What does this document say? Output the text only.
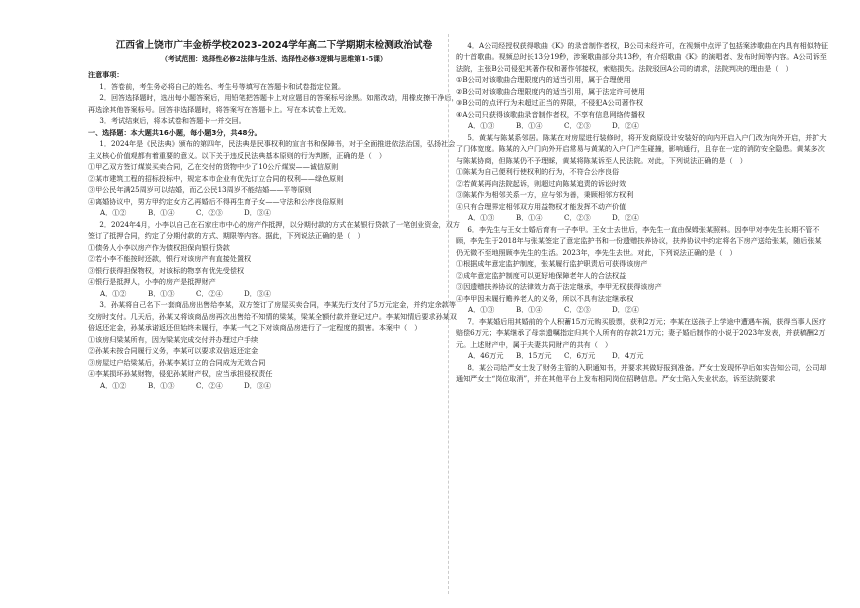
江西省上饶市广丰金桥学校2023-2024学年高二下学期期末检测政治试卷

（考试范围：选择性必修2法律与生活、选择性必修3逻辑与思维第1-5课）

注意事项：

1．答卷前，考生务必将自己的姓名、考生号等填写在答题卡和试卷指定位置。

2．回答选择题时，选出每小题答案后，用铅笔把答题卡上对应题目的答案标号涂黑。如需改动，用橡皮擦干净后，再选涂其他答案标号。回答非选择题时，将答案写在答题卡上。写在本试卷上无效。

3．考试结束后，将本试卷和答题卡一并交回。

一、选择题：本大题共16小题，每小题3分，共48分。

1．2024年是《民法典》颁布的第四年，民法典是民事权利的宣言书和保障书，对于全面推进依法治国，弘扬社会主义核心价值观都有着重要的意义。以下关于违反民法典基本原则的行为判断，正确的是（　）

①甲乙双方签订煤炭买卖合同，乙在交付的货物中少了10公斤煤炭——诚信原则

②某市建筑工程的招标投标中，规定本市企业有优先订立合同的权利——绿色原则

③甲公民年满25周岁可以结婚，而乙公民13周岁不能结婚——平等原则

④离婚协议中，男方甲约定女方乙再婚后不得再生育子女——守法和公序良俗原则

A．①②	B．①④	C．②③	D．③④

2．2024年4月，小李以自己在石家庄市中心的房产作抵押，以分期付款的方式在某银行贷款了一笔创业资金，双方签订了抵押合同，约定了分期付款的方式、期限等内容。据此，下列说法正确的是（　）

①债务人小李以房产作为债权担保向银行贷款

②若小李不能按时还款，银行对该房产有直接处置权

③银行获得担保物权，对该标的物享有优先受偿权

④银行是抵押人，小李的房产是抵押财产

A．①②	B．①③	C．②④	D．③④

3．孙某将自己名下一套商品房出售给李某，双方签订了房屋买卖合同，李某先行支付了5万元定金，并约定余款等交房时支付。几天后，孙某又将该商品房再次出售给不知情的梁某，梁某全额付款并登记过户。李某知情后要求孙某双倍返还定金，孙某承诺返还但始终未履行，李某一气之下对该商品房进行了一定程度的损害。本案中（　）

①该房归梁某所有，因为梁某完成交付并办理过户手续

②孙某未按合同履行义务，李某可以要求双倍返还定金

③房屋过户给梁某后，孙某李某订立的合同成为无效合同

④李某损坏孙某财物，侵犯孙某财产权，应当承担侵权责任

A．①②	B．①③	C．②④	D．③④

4．A公司经授权获得歌曲《K》的录音制作者权，B公司未经许可，在视频中点评了包括案涉歌曲在内具有相似特征的十首歌曲。视频总时长13分19秒，涉案歌曲部分共13秒，有介绍歌曲《K》的演唱者、发布时间等内容。A公司诉至法院，主张B公司侵犯其著作权和著作邻接权，索赔损失。法院驳回A公司的请求，法院判决的理由是（　）

①B公司对该歌曲合理限度内的适当引用，属于合理使用

②B公司对该歌曲合理限度内的适当引用，属于法定许可使用

③B公司的点评行为未超过正当的界限，不侵犯A公司著作权

④A公司只获得该歌曲录音制作者权，不享有信息网络传播权

A．①③	B．①④	C．②③	D．②④

5．黄某与陈某系邻居。陈某在对房屋进行装修时，将开发商原设计安装好的向内开启入户门改为向外开启，并扩大了门体宽度。陈某的入户门向外开启常易与黄某的入户门产生碰撞，影响通行，且存在一定的消防安全隐患。黄某多次与陈某协商，但陈某仍不予理睬，黄某将陈某诉至人民法院。对此，下列说法正确的是（　）

①陈某为自己便利行使权利的行为，不符合公序良俗

②若黄某再向法院起诉，则超过向陈某追责的诉讼时效

③陈某作为相邻关系一方，应与邻为善，秉顾相邻方权利

④只有合理界定相邻双方用益物权才能发挥不动产价值

A．①③	B．①④	C．②③	D．②④

6．李先生与王女士婚后育有一子李甲。王女士去世后，李先生一直由保姆张某照料。因李甲对李先生长期不管不顾，李先生于2018年与张某签定了意定监护书和一份遗赠扶养协议，扶养协议中约定将名下房产送给张某，随后张某仍无微不至地照顾李先生的生活。2023年，李先生去世。对此，下列说法正确的是（　）

①根据成年意定监护制度，张某履行监护职责后可获得该房产

②成年意定监护制度可以更好地保障老年人的合法权益

③因遗赠扶养协议的法律效力高于法定继承，李甲无权获得该房产

④李甲因未履行赡养老人的义务，所以不具有法定继承权

A．①③	B．①④	C．②③	D．②④

7．李某婚后用其婚前的个人积蓄15万元购买股票，获利2万元；李某在送孩子上学途中遭遇车祸，获得当事人医疗赔偿6万元；李某继承了母亲遗嘱指定归其个人所有的存款21万元；妻子婚后制作的小说于2023年发表，并获稿酬2万元。上述财产中，属于夫妻共同财产的共有（　）

A．46万元	B．15万元	C．6万元	D．4万元

8．某公司给严女士发了财务主管的入职通知书，并要求其做好报到准备。严女士发现怀孕后如实告知公司，公司却通知严女士“岗位取消”，并在其他平台上发布相同岗位招聘信息。严女士陷入失业状态，诉至法院要求
